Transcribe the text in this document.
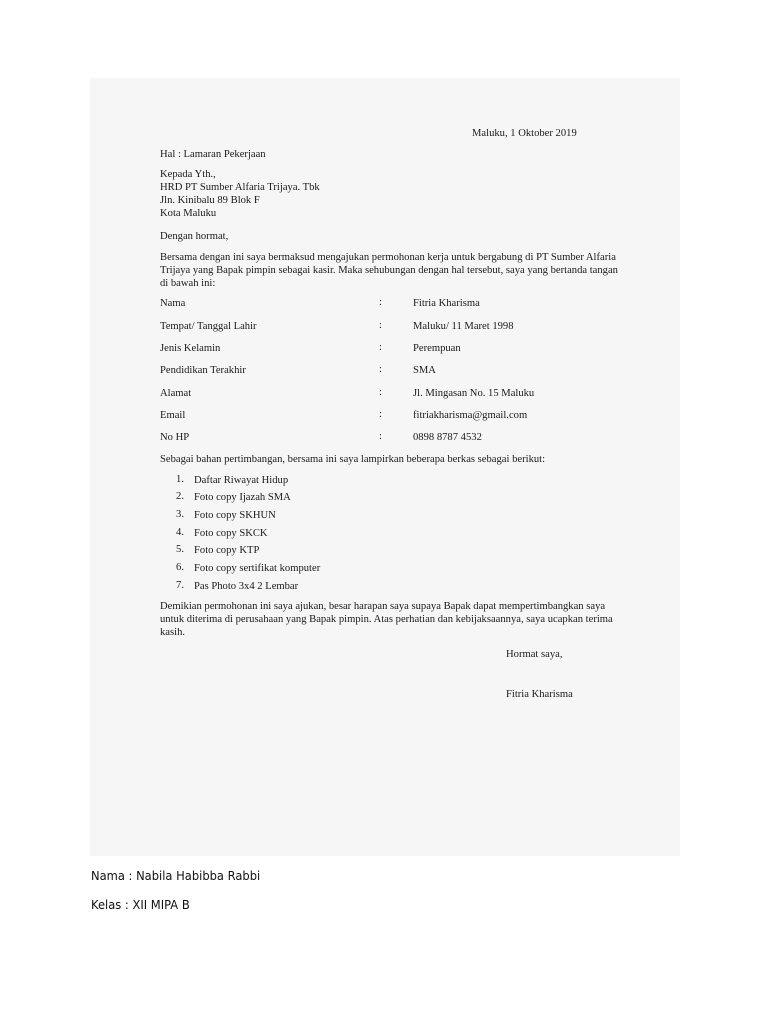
Maluku, 1 Oktober 2019
Hal : Lamaran Pekerjaan
Kepada Yth.,
HRD PT Sumber Alfaria Trijaya. Tbk
Jln. Kinibalu 89 Blok F
Kota Maluku
Dengan hormat,
Bersama dengan ini saya bermaksud mengajukan permohonan kerja untuk bergabung di PT Sumber Alfaria
Trijaya yang Bapak pimpin sebagai kasir. Maka sehubungan dengan hal tersebut, saya yang bertanda tangan
di bawah ini:
Nama	:	Fitria Kharisma
Tempat/ Tanggal Lahir	:	Maluku/ 11 Maret 1998
Jenis Kelamin	:	Perempuan
Pendidikan Terakhir	:	SMA
Alamat	:	Jl. Mingasan No. 15 Maluku
Email	:	fitriakharisma@gmail.com
No HP	:	0898 8787 4532
Sebagai bahan pertimbangan, bersama ini saya lampirkan beberapa berkas sebagai berikut:
1. Daftar Riwayat Hidup
2. Foto copy Ijazah SMA
3. Foto copy SKHUN
4. Foto copy SKCK
5. Foto copy KTP
6. Foto copy sertifikat komputer
7. Pas Photo 3x4 2 Lembar
Demikian permohonan ini saya ajukan, besar harapan saya supaya Bapak dapat mempertimbangkan saya
untuk diterima di perusahaan yang Bapak pimpin. Atas perhatian dan kebijaksaannya, saya ucapkan terima
kasih.
Hormat saya,
Fitria Kharisma
Nama : Nabila Habibba Rabbi
Kelas : XII MIPA B
